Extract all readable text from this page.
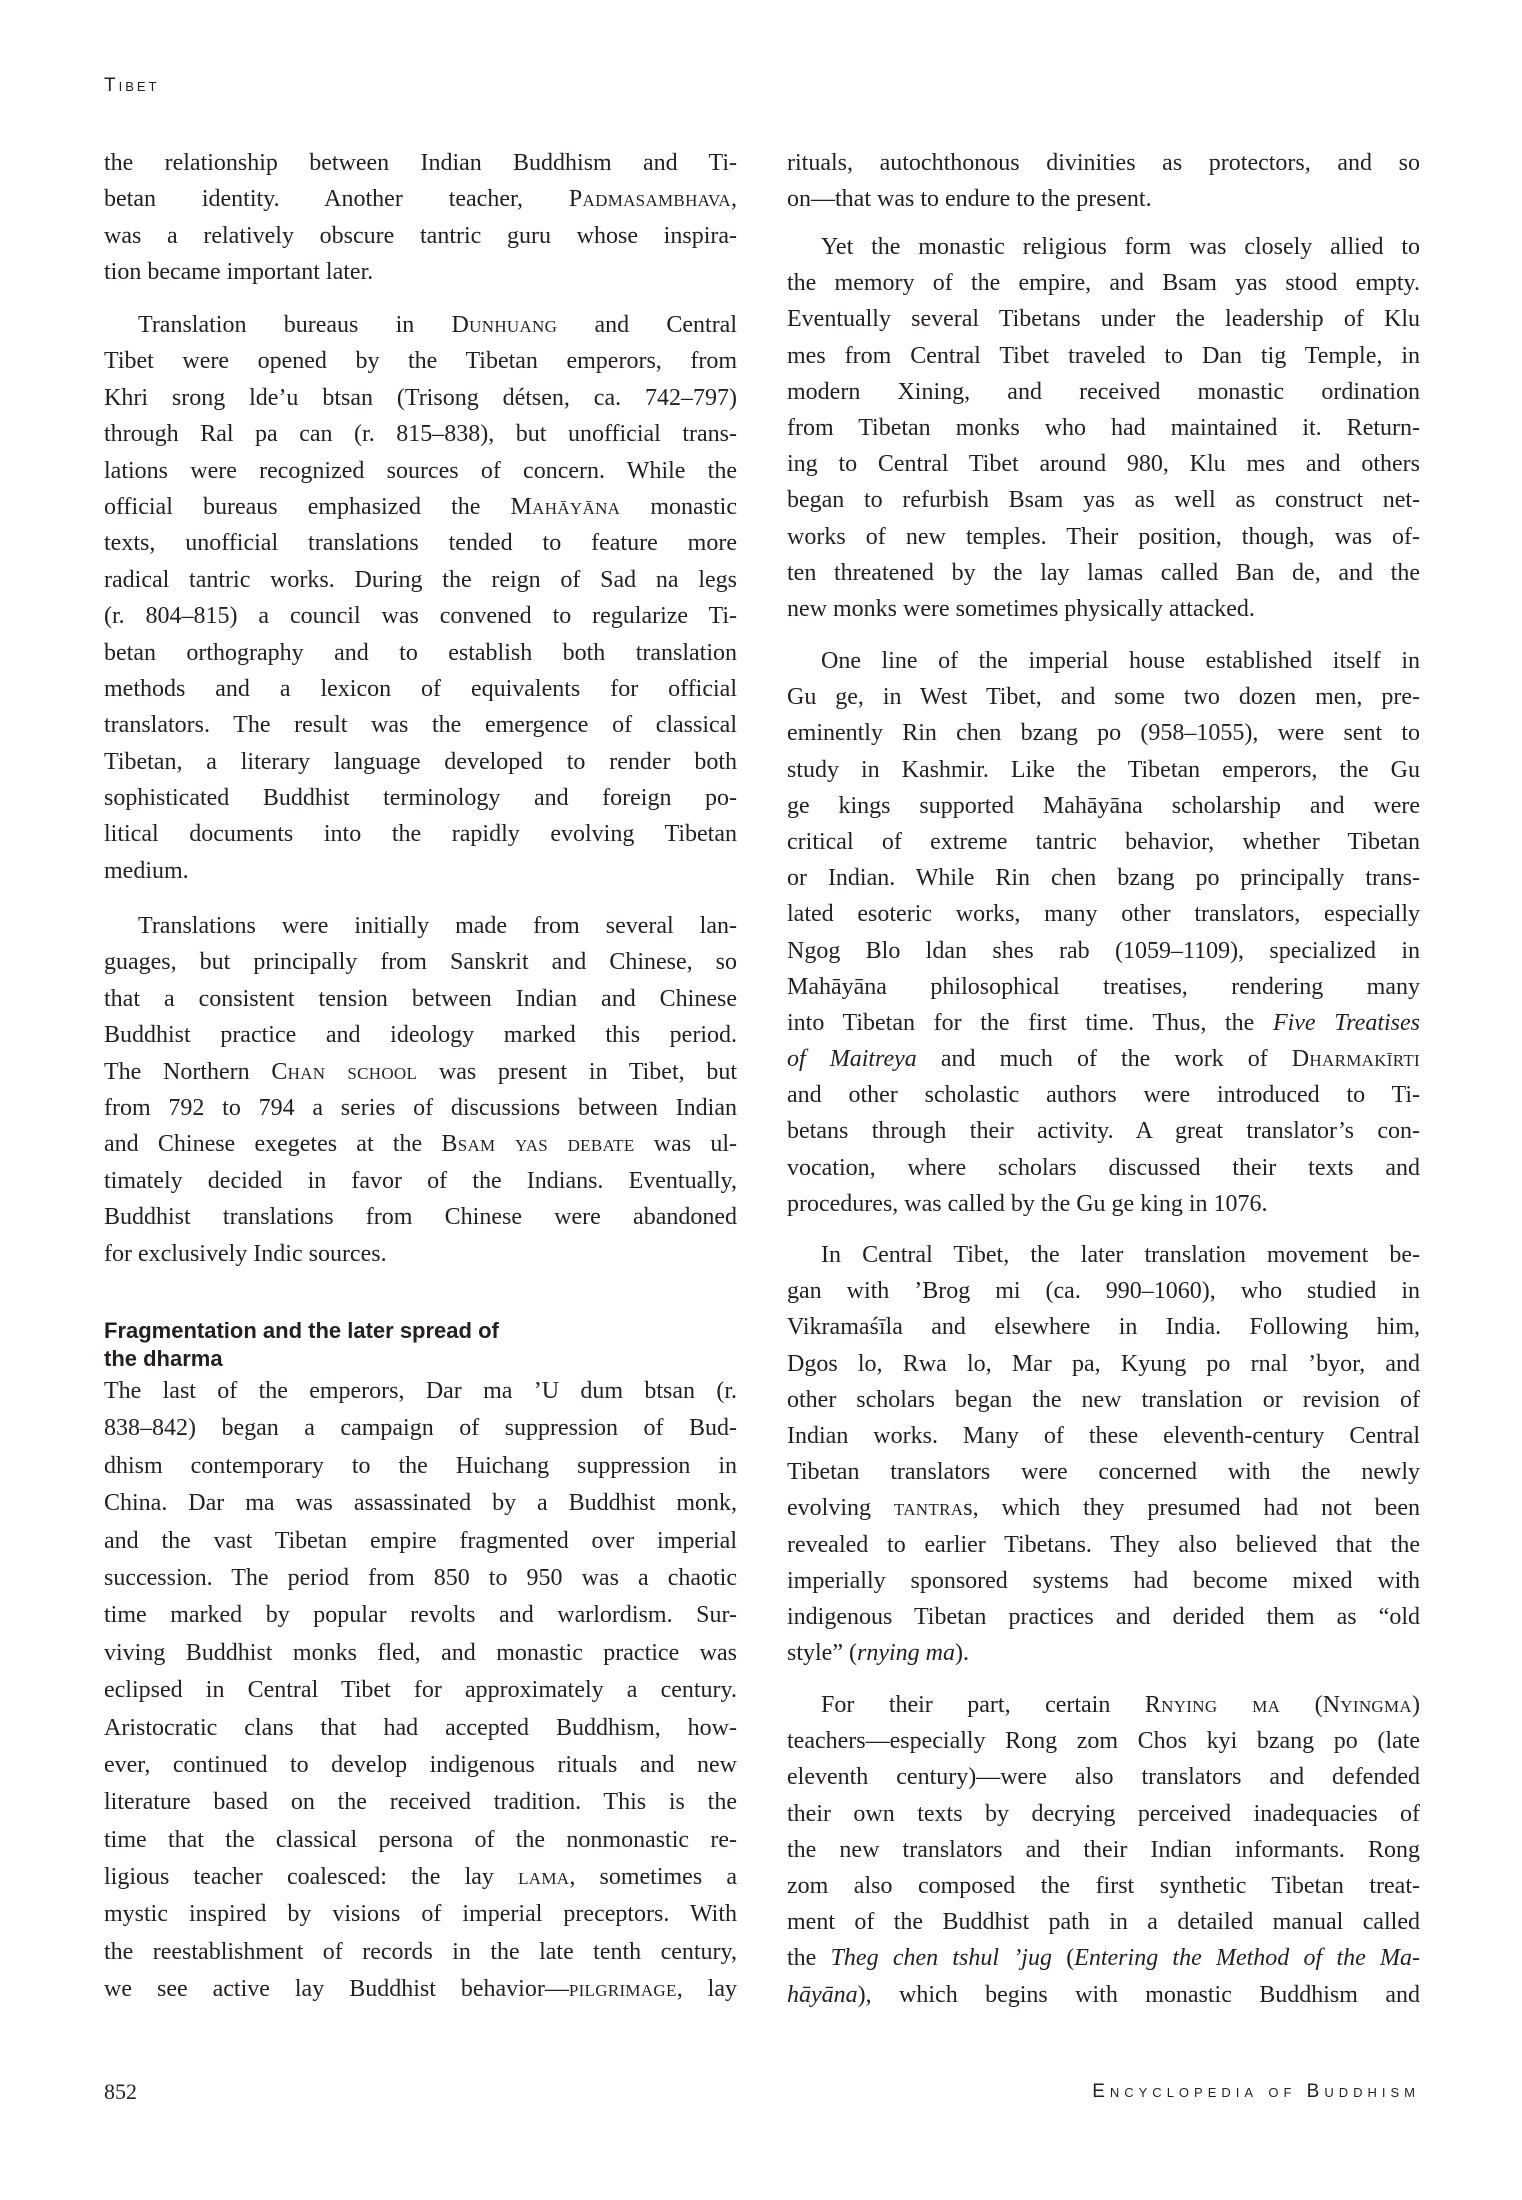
Tibet
the relationship between Indian Buddhism and Ti-
betan identity. Another teacher, Padmasambhava,
was a relatively obscure tantric guru whose inspira-
tion became important later.
Translation bureaus in Dunhuang and Central
Tibet were opened by the Tibetan emperors, from
Khri srong lde’u btsan (Trisong détsen, ca. 742–797)
through Ral pa can (r. 815–838), but unofficial trans-
lations were recognized sources of concern. While the
official bureaus emphasized the Mahāyāna monastic
texts, unofficial translations tended to feature more
radical tantric works. During the reign of Sad na legs
(r. 804–815) a council was convened to regularize Ti-
betan orthography and to establish both translation
methods and a lexicon of equivalents for official
translators. The result was the emergence of classical
Tibetan, a literary language developed to render both
sophisticated Buddhist terminology and foreign po-
litical documents into the rapidly evolving Tibetan
medium.
Translations were initially made from several lan-
guages, but principally from Sanskrit and Chinese, so
that a consistent tension between Indian and Chinese
Buddhist practice and ideology marked this period.
The Northern Chan school was present in Tibet, but
from 792 to 794 a series of discussions between Indian
and Chinese exegetes at the Bsam yas debate was ul-
timately decided in favor of the Indians. Eventually,
Buddhist translations from Chinese were abandoned
for exclusively Indic sources.
Fragmentation and the later spread of
the dharma
The last of the emperors, Dar ma ’U dum btsan (r.
838–842) began a campaign of suppression of Bud-
dhism contemporary to the Huichang suppression in
China. Dar ma was assassinated by a Buddhist monk,
and the vast Tibetan empire fragmented over imperial
succession. The period from 850 to 950 was a chaotic
time marked by popular revolts and warlordism. Sur-
viving Buddhist monks fled, and monastic practice was
eclipsed in Central Tibet for approximately a century.
Aristocratic clans that had accepted Buddhism, how-
ever, continued to develop indigenous rituals and new
literature based on the received tradition. This is the
time that the classical persona of the nonmonastic re-
ligious teacher coalesced: the lay lama, sometimes a
mystic inspired by visions of imperial preceptors. With
the reestablishment of records in the late tenth century,
we see active lay Buddhist behavior—pilgrimage, lay
rituals, autochthonous divinities as protectors, and so
on—that was to endure to the present.
Yet the monastic religious form was closely allied to
the memory of the empire, and Bsam yas stood empty.
Eventually several Tibetans under the leadership of Klu
mes from Central Tibet traveled to Dan tig Temple, in
modern Xining, and received monastic ordination
from Tibetan monks who had maintained it. Return-
ing to Central Tibet around 980, Klu mes and others
began to refurbish Bsam yas as well as construct net-
works of new temples. Their position, though, was of-
ten threatened by the lay lamas called Ban de, and the
new monks were sometimes physically attacked.
One line of the imperial house established itself in
Gu ge, in West Tibet, and some two dozen men, pre-
eminently Rin chen bzang po (958–1055), were sent to
study in Kashmir. Like the Tibetan emperors, the Gu
ge kings supported Mahāyāna scholarship and were
critical of extreme tantric behavior, whether Tibetan
or Indian. While Rin chen bzang po principally trans-
lated esoteric works, many other translators, especially
Ngog Blo ldan shes rab (1059–1109), specialized in
Mahāyāna philosophical treatises, rendering many
into Tibetan for the first time. Thus, the Five Treatises
of Maitreya and much of the work of Dharmakīrti
and other scholastic authors were introduced to Ti-
betans through their activity. A great translator’s con-
vocation, where scholars discussed their texts and
procedures, was called by the Gu ge king in 1076.
In Central Tibet, the later translation movement be-
gan with ’Brog mi (ca. 990–1060), who studied in
Vikramaśīla and elsewhere in India. Following him,
Dgos lo, Rwa lo, Mar pa, Kyung po rnal ’byor, and
other scholars began the new translation or revision of
Indian works. Many of these eleventh-century Central
Tibetan translators were concerned with the newly
evolving tantras, which they presumed had not been
revealed to earlier Tibetans. They also believed that the
imperially sponsored systems had become mixed with
indigenous Tibetan practices and derided them as “old
style” (rnying ma).
For their part, certain Rnying ma (Nyingma)
teachers—especially Rong zom Chos kyi bzang po (late
eleventh century)—were also translators and defended
their own texts by decrying perceived inadequacies of
the new translators and their Indian informants. Rong
zom also composed the first synthetic Tibetan treat-
ment of the Buddhist path in a detailed manual called
the Theg chen tshul ’jug (Entering the Method of the Ma-
hāyāna), which begins with monastic Buddhism and
852	Encyclopedia of Buddhism
